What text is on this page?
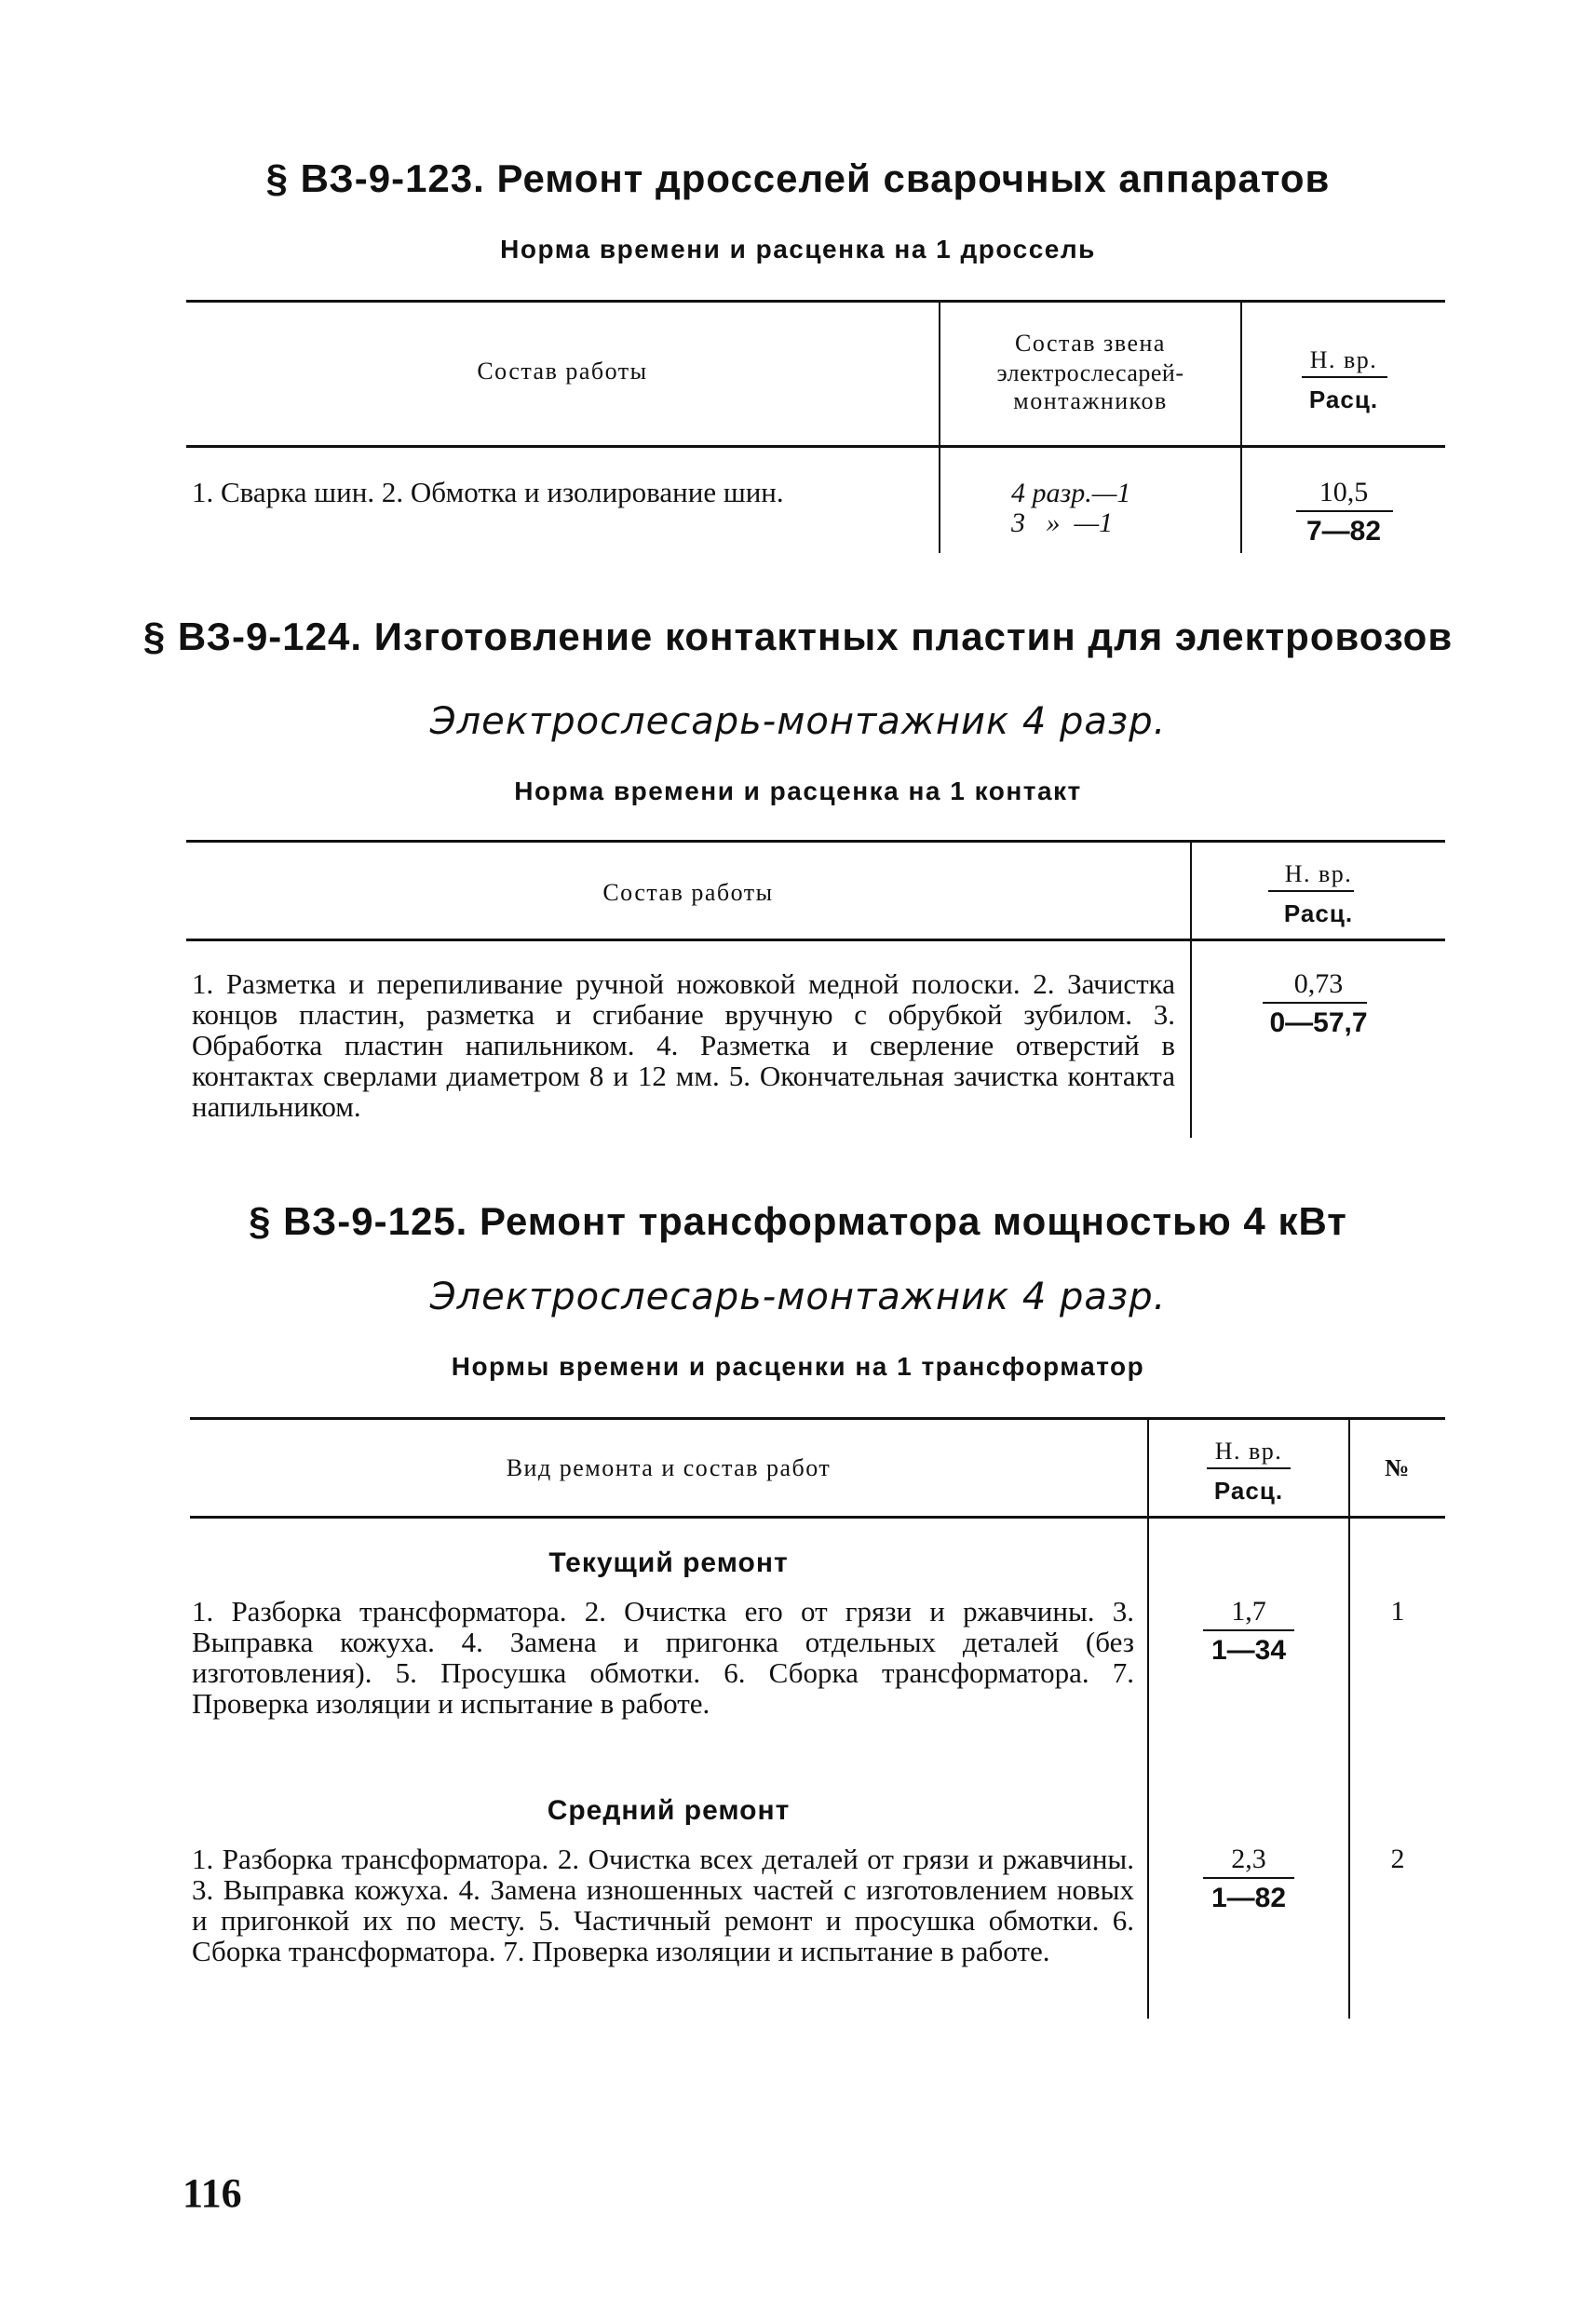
§ ВЗ-9-123. Ремонт дросселей сварочных аппаратов
Норма времени и расценка на 1 дроссель
Состав работы
Состав звена
электрослесарей-
монтажников
Н. вр.
Расц.
1. Сварка шин. 2. Обмотка и изолирование шин.	4 разр.—1
3   »  —1
10,5
7—82
§ ВЗ-9-124. Изготовление контактных пластин для электровозов
Электрослесарь-монтажник 4 разр.
Норма времени и расценка на 1 контакт
Состав работы
Н. вр.
Расц.
1. Разметка и перепиливание ручной ножовкой медной полоски. 2. Зачистка концов пластин, разметка и сгибание вручную с обрубкой зубилом. 3. Обработка пластин напильником. 4. Разметка и сверление отверстий в контактах сверлами диаметром 8 и 12 мм. 5. Окончательная зачистка контакта напильником.
0,73
0—57,7
§ ВЗ-9-125. Ремонт трансформатора мощностью 4 кВт
Электрослесарь-монтажник 4 разр.
Нормы времени и расценки на 1 трансформатор
Вид ремонта и состав работ
Н. вр.
Расц.
№
Текущий ремонт
1. Разборка трансформатора. 2. Очистка его от грязи и ржавчины. 3. Выправка кожуха. 4. Замена и пригонка отдельных деталей (без изготовления). 5. Просушка обмотки. 6. Сборка трансформатора. 7. Проверка изоляции и испытание в работе.
1,7
1—34
1
Средний ремонт
1. Разборка трансформатора. 2. Очистка всех деталей от грязи и ржавчины. 3. Выправка кожуха. 4. Замена изношенных частей с изготовлением новых и пригонкой их по месту. 5. Частичный ремонт и просушка обмотки. 6. Сборка трансформатора. 7. Проверка изоляции и испытание в работе.
2,3
1—82
2
116
